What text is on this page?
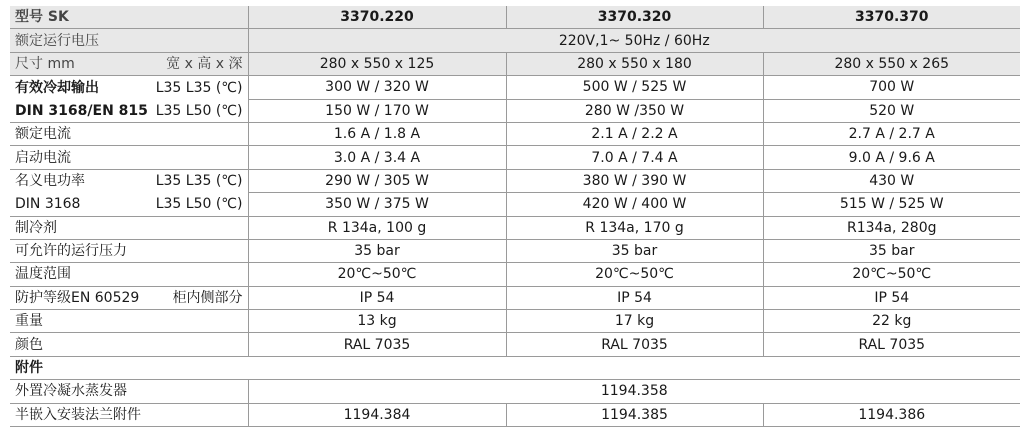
型号 SK	3370.220	3370.320	3370.370
额定运行电压	220V,1~ 50Hz / 60Hz		

尺寸 mm 宽 x 高 x 深	280 x 550 x 125	280 x 550 x 180	280 x 550 x 265

有效冷却输出 L35 L35 (℃)	300 W / 320 W	500 W / 525 W	700 W

DIN 3168/EN 815 L35 L50 (℃)	150 W / 170 W	280 W /350 W	520 W
额定电流	1.6 A / 1.8 A	2.1 A / 2.2 A	2.7 A / 2.7 A
启动电流	3.0 A / 3.4 A	7.0 A / 7.4 A	9.0 A / 9.6 A

名义电功率 L35 L35 (℃)	290 W / 305 W	380 W / 390 W	430 W

DIN 3168 L35 L50 (℃)	350 W / 375 W	420 W / 400 W	515 W / 525 W
制冷剂	R 134a, 100 g	R 134a, 170 g	R134a, 280g
可允许的运行压力	35 bar	35 bar	35 bar
温度范围	20℃~50℃	20℃~50℃	20℃~50℃

防护等级EN 60529 柜内侧部分	IP 54	IP 54	IP 54
重量	13 kg	17 kg	22 kg
颜色	RAL 7035	RAL 7035	RAL 7035
附件			
外置冷凝水蒸发器	1194.358		
半嵌入安装法兰附件	1194.384	1194.385	1194.386
